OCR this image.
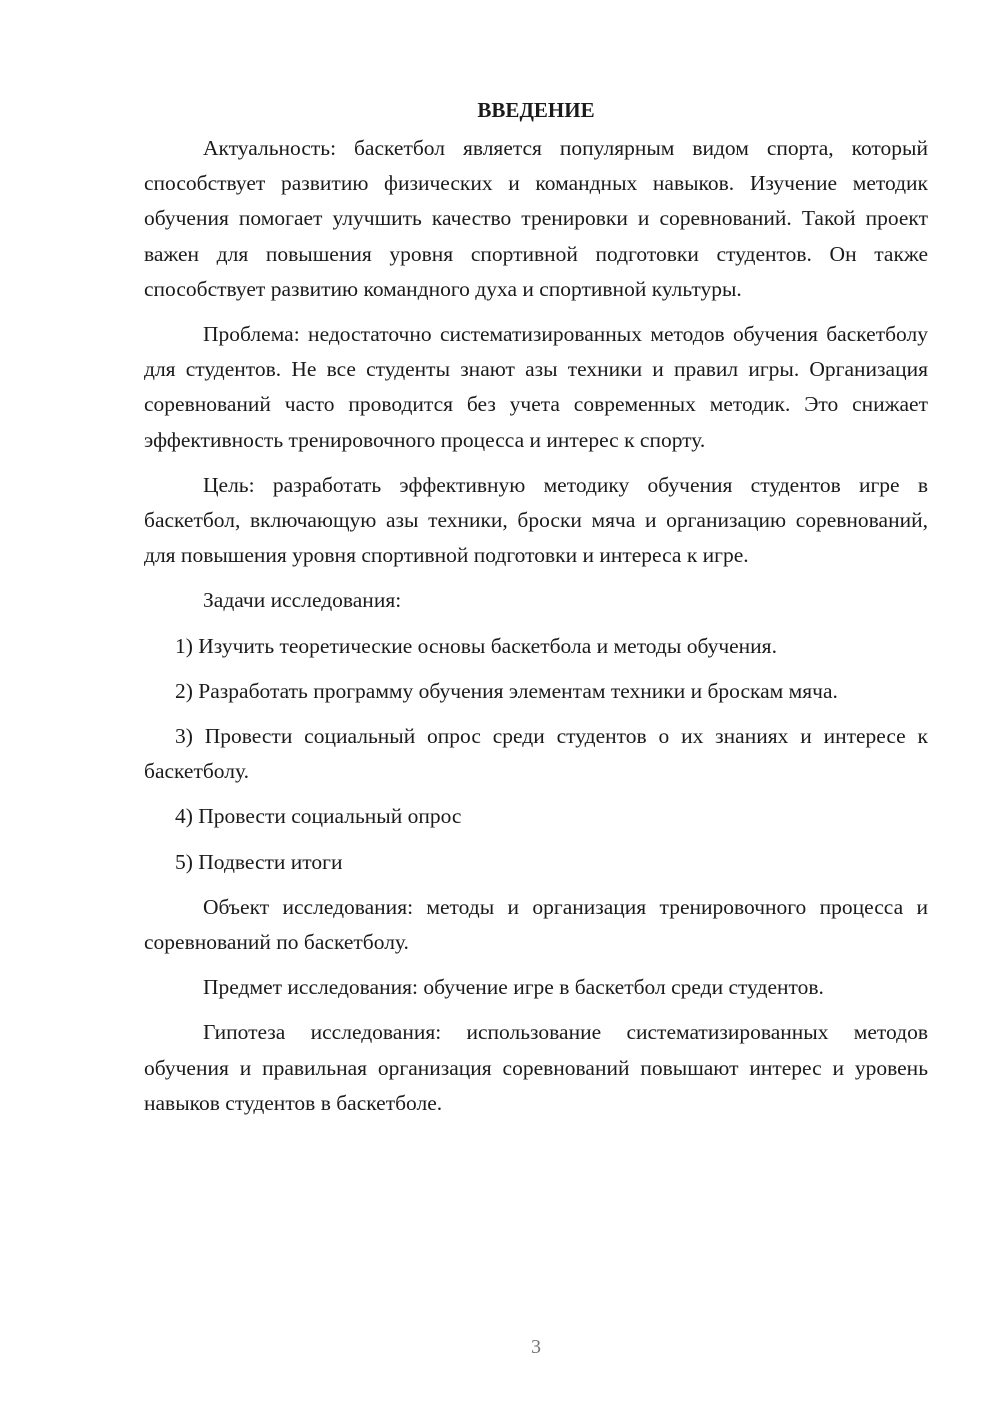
ВВЕДЕНИЕ

Актуальность: баскетбол является популярным видом спорта, который способствует развитию физических и командных навыков. Изучение методик обучения помогает улучшить качество тренировки и соревнований. Такой проект важен для повышения уровня спортивной подготовки студентов. Он также способствует развитию командного духа и спортивной культуры.

Проблема: недостаточно систематизированных методов обучения баскетболу для студентов. Не все студенты знают азы техники и правил игры. Организация соревнований часто проводится без учета современных методик. Это снижает эффективность тренировочного процесса и интерес к спорту.

Цель: разработать эффективную методику обучения студентов игре в баскетбол, включающую азы техники, броски мяча и организацию соревнований, для повышения уровня спортивной подготовки и интереса к игре.

Задачи исследования:

1) Изучить теоретические основы баскетбола и методы обучения.

2) Разработать программу обучения элементам техники и броскам мяча.

3) Провести социальный опрос среди студентов о их знаниях и интересе к баскетболу.

4) Провести социальный опрос

5) Подвести итоги

Объект исследования: методы и организация тренировочного процесса и соревнований по баскетболу.

Предмет исследования: обучение игре в баскетбол среди студентов.

Гипотеза исследования: использование систематизированных методов обучения и правильная организация соревнований повышают интерес и уровень навыков студентов в баскетболе.

3
